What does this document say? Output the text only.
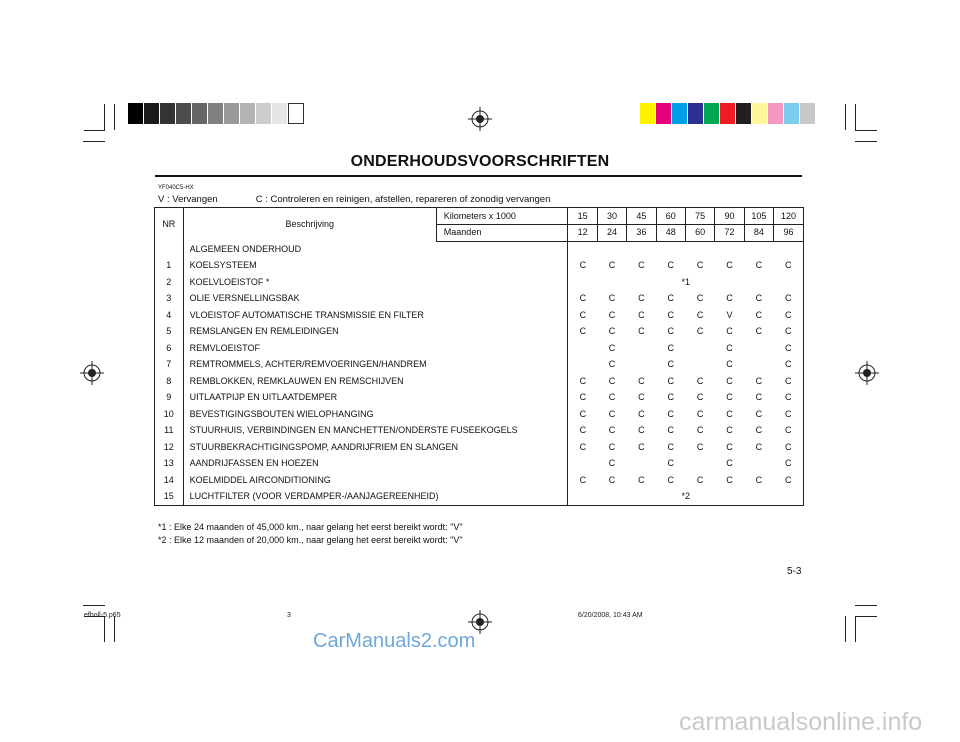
ONDERHOUDSVOORSCHRIFTEN
YF040C5-HX
V : Vervangen	C : Controleren en reinigen, afstellen, repareren of zonodig vervangen
NR	Beschrijving	Kilometers x 1000	15	30	45	60	75	90	105	120
		Maanden	12	24	36	48	60	72	84	96
	ALGEMEEN ONDERHOUD									
1	KOELSYSTEEM		C	C	C	C	C	C	C	C
2	KOELVLOEISTOF *		*1							
3	OLIE VERSNELLINGSBAK		C	C	C	C	C	C	C	C
4	VLOEISTOF AUTOMATISCHE TRANSMISSIE EN FILTER		C	C	C	C	C	V	C	C
5	REMSLANGEN EN REMLEIDINGEN		C	C	C	C	C	C	C	C
6	REMVLOEISTOF			C		C		C		C
7	REMTROMMELS, ACHTER/REMVOERINGEN/HANDREM			C		C		C		C
8	REMBLOKKEN, REMKLAUWEN EN REMSCHIJVEN		C	C	C	C	C	C	C	C
9	UITLAATPIJP EN UITLAATDEMPER		C	C	C	C	C	C	C	C
10	BEVESTIGINGSBOUTEN WIELOPHANGING		C	C	C	C	C	C	C	C
11	STUURHUIS, VERBINDINGEN EN MANCHETTEN/ONDERSTE FUSEEKOGELS		C	C	C	C	C	C	C	C
12	STUURBEKRACHTIGINGSPOMP, AANDRIJFRIEM EN SLANGEN		C	C	C	C	C	C	C	C
13	AANDRIJFASSEN EN HOEZEN			C		C		C		C
14	KOELMIDDEL AIRCONDITIONING		C	C	C	C	C	C	C	C
15	LUCHTFILTER (VOOR VERDAMPER-/AANJAGEREENHEID)		*2							
*1 : Elke 24 maanden of 45,000 km., naar gelang het eerst bereikt wordt: "V"
*2 : Elke 12 maanden of 20,000 km., naar gelang het eerst bereikt wordt: "V"
5-3
efholl-5.p65	3	6/20/2008, 10:43 AM
CarManuals2.com
carmanualsonline.info
